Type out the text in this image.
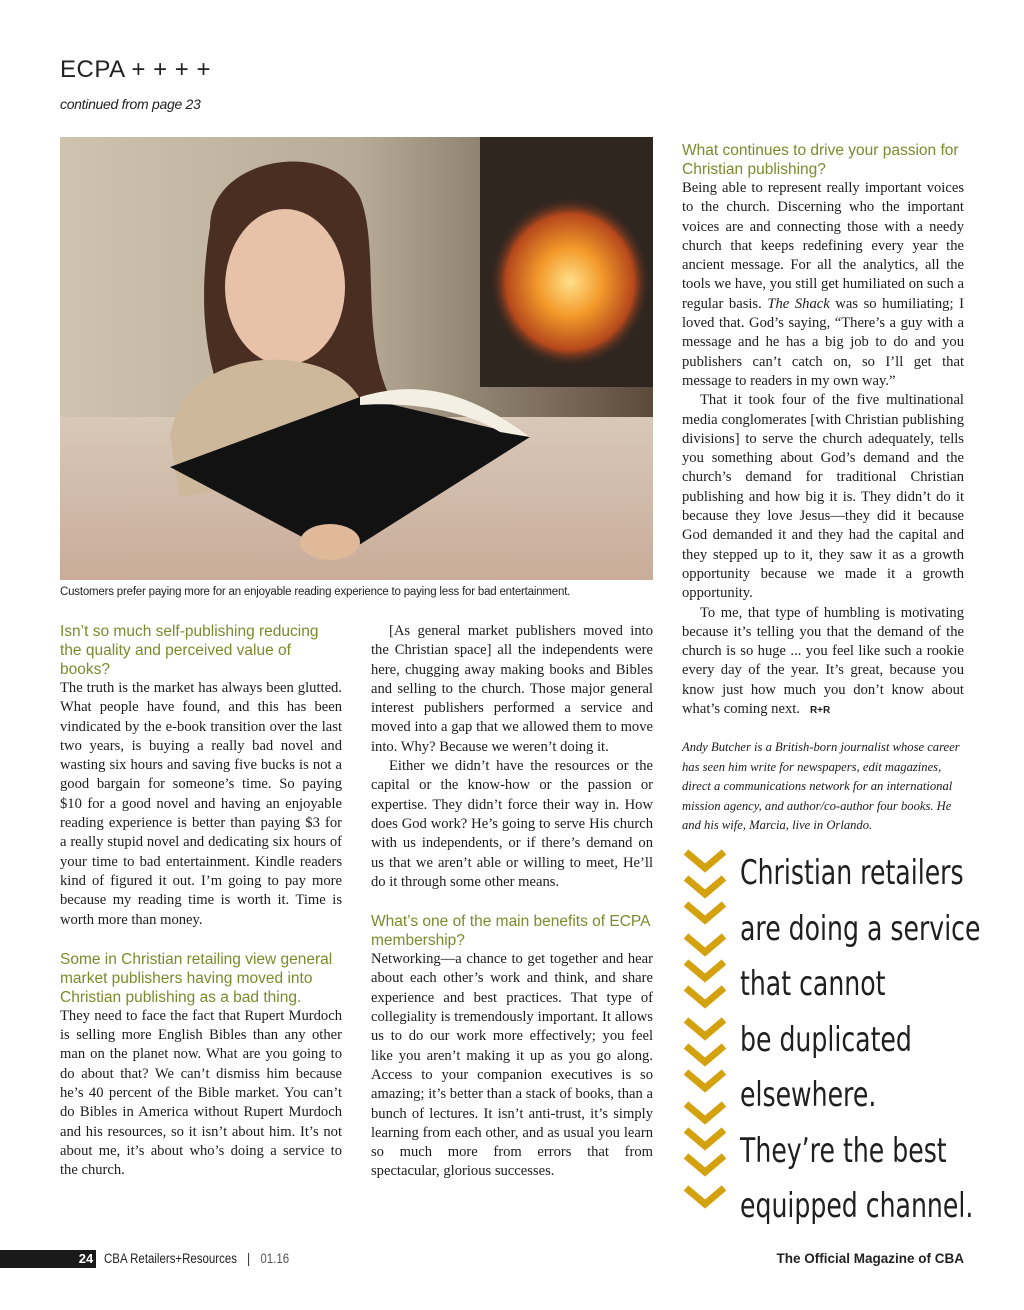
ECPA + + + +
continued from page 23
Customers prefer paying more for an enjoyable reading experience to paying less for bad entertainment.
Isn’t so much self-publishing reducing the quality and perceived value of books?

The truth is the market has always been glutted. What people have found, and this has been vindicated by the e-book transition over the last two years, is buying a really bad novel and wasting six hours and saving five bucks is not a good bargain for someone’s time. So paying $10 for a good novel and having an enjoyable reading experience is better than paying $3 for a really stupid novel and dedicating six hours of your time to bad entertainment. Kindle readers kind of figured it out. I’m going to pay more because my reading time is worth it. Time is worth more than money.

Some in Christian retailing view general market publishers having moved into Christian publishing as a bad thing.

They need to face the fact that Rupert Murdoch is selling more English Bibles than any other man on the planet now. What are you going to do about that? We can’t dismiss him because he’s 40 percent of the Bible market. You can’t do Bibles in America without Rupert Murdoch and his resources, so it isn’t about him. It’s not about me, it’s about who’s doing a service to the church.

[As general market publishers moved into the Christian space] all the independents were here, chugging away making books and Bibles and selling to the church. Those major general interest publishers performed a service and moved into a gap that we allowed them to move into. Why? Because we weren’t doing it.

Either we didn’t have the resources or the capital or the know-how or the passion or expertise. They didn’t force their way in. How does God work? He’s going to serve His church with us independents, or if there’s demand on us that we aren’t able or willing to meet, He’ll do it through some other means.

What’s one of the main benefits of ECPA membership?

Networking—a chance to get together and hear about each other’s work and think, and share experience and best practices. That type of collegiality is tremendously important. It allows us to do our work more effectively; you feel like you aren’t making it up as you go along. Access to your companion executives is so amazing; it’s better than a stack of books, than a bunch of lectures. It isn’t anti-trust, it’s simply learning from each other, and as usual you learn so much more from errors that from spectacular, glorious successes.

What continues to drive your passion for Christian publishing?

Being able to represent really important voices to the church. Discerning who the important voices are and connecting those with a needy church that keeps redefining every year the ancient message. For all the analytics, all the tools we have, you still get humiliated on such a regular basis. The Shack was so humiliating; I loved that. God’s saying, “There’s a guy with a message and he has a big job to do and you publishers can’t catch on, so I’ll get that message to readers in my own way.”

That it took four of the five multinational media conglomerates [with Christian publishing divisions] to serve the church adequately, tells you something about God’s demand and the church’s demand for traditional Christian publishing and how big it is. They didn’t do it because they love Jesus—they did it because God demanded it and they had the capital and they stepped up to it, they saw it as a growth opportunity because we made it a growth opportunity.

To me, that type of humbling is motivating because it’s telling you that the demand of the church is so huge ... you feel like such a rookie every day of the year. It’s great, because you know just how much you don’t know about what’s coming next. R+R

Andy Butcher is a British-born journalist whose career has seen him write for newspapers, edit magazines, direct a communications network for an international mission agency, and author/co-author four books. He and his wife, Marcia, live in Orlando.

Christian retailers
are doing a service
that cannot
be duplicated
elsewhere.
They’re the best
equipped channel.
24 CBA Retailers+Resources | 01.16	The Official Magazine of CBA
